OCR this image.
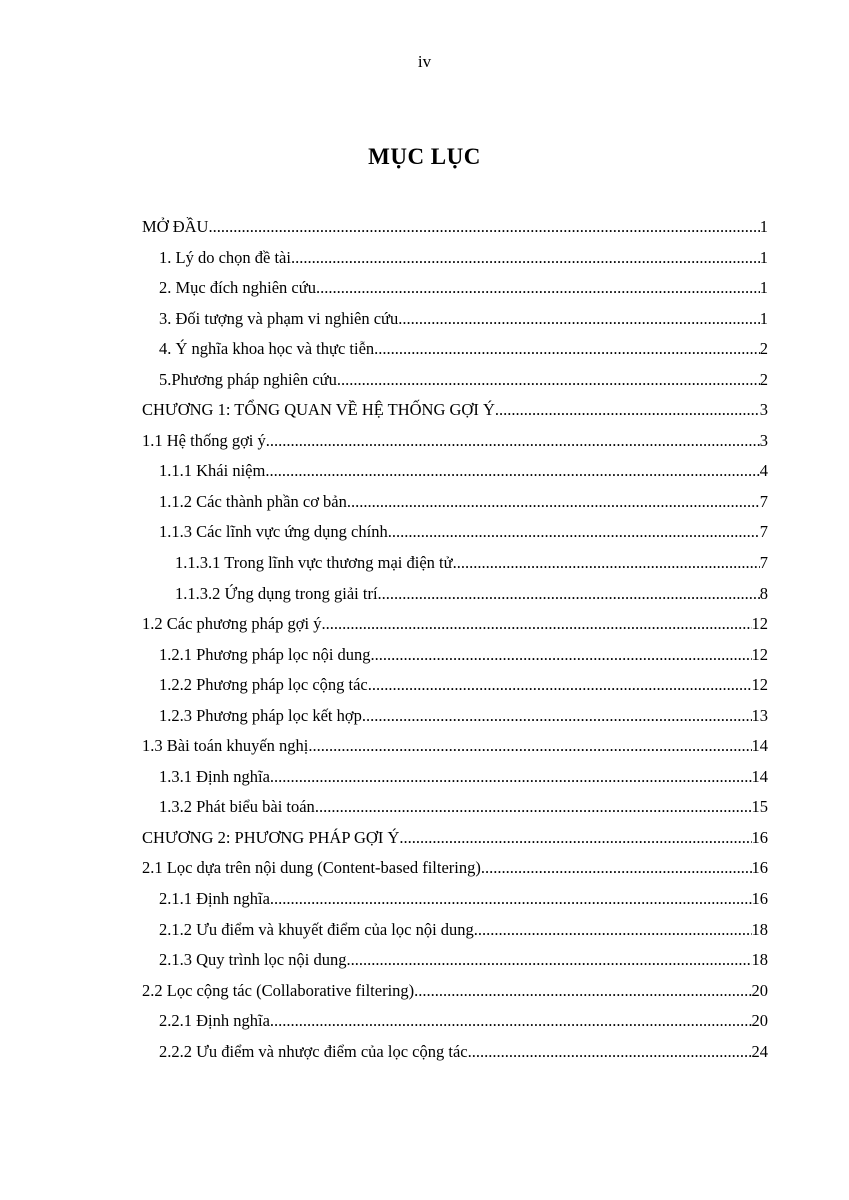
iv
MỤC LỤC
MỞ ĐẦU .....	1
1. Lý do chọn đề tài .....	1
2. Mục đích nghiên cứu .....	1
3. Đối tượng và phạm vi nghiên cứu .....	1
4. Ý nghĩa khoa học và thực tiễn .....	2
5.Phương pháp nghiên cứu .....	2
CHƯƠNG 1: TỔNG QUAN VỀ HỆ THỐNG GỢI Ý .....	3
1.1 Hệ thống gợi ý .....	3
1.1.1 Khái niệm .....	4
1.1.2 Các thành phần cơ bản .....	7
1.1.3 Các lĩnh vực ứng dụng chính .....	7
1.1.3.1 Trong lĩnh vực thương mại điện tử .....	7
1.1.3.2 Ứng dụng trong giải trí .....	8
1.2 Các phương pháp gợi ý .....	12
1.2.1 Phương pháp lọc nội dung .....	12
1.2.2 Phương pháp lọc cộng tác .....	12
1.2.3 Phương pháp lọc kết hợp .....	13
1.3 Bài toán khuyến nghị .....	14
1.3.1 Định nghĩa .....	14
1.3.2 Phát biểu bài toán .....	15
CHƯƠNG 2: PHƯƠNG PHÁP GỢI Ý .....	16
2.1 Lọc dựa trên nội dung (Content-based filtering) .....	16
2.1.1 Định nghĩa .....	16
2.1.2 Ưu điểm và khuyết điểm của lọc nội dung .....	18
2.1.3 Quy trình lọc nội dung .....	18
2.2 Lọc cộng tác (Collaborative filtering) .....	20
2.2.1 Định nghĩa .....	20
2.2.2 Ưu điểm và nhược điểm của lọc cộng tác .....	24
